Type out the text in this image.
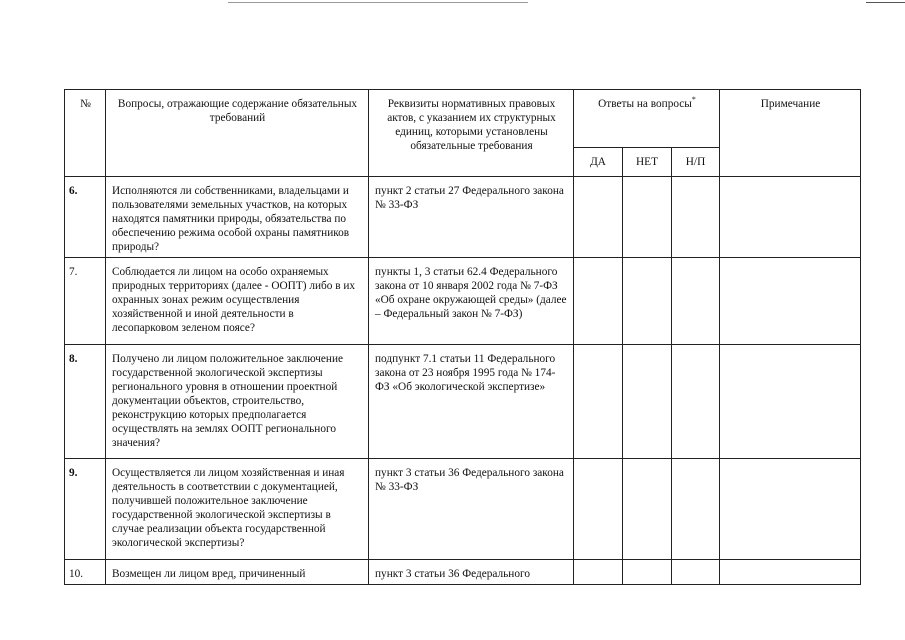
№	Вопросы, отражающие содержание обязательных требований	Реквизиты нормативных правовых актов, с указанием их структурных единиц, которыми установлены обязательные требования	Ответы на вопросы*			Примечание
			ДА	НЕТ	Н/П	
6.	Исполняются ли собственниками, владельцами и пользователями земельных участков, на которых находятся памятники природы, обязательства по обеспечению режима особой охраны памятников природы?	пункт 2 статьи 27 Федерального закона № 33-ФЗ				
7.	Соблюдается ли лицом на особо охраняемых природных территориях (далее - ООПТ) либо в их охранных зонах режим осуществления хозяйственной и иной деятельности в лесопарковом зеленом поясе?	пункты 1, 3 статьи 62.4 Федерального закона от 10 января 2002 года № 7-ФЗ «Об охране окружающей среды» (далее – Федеральный закон № 7-ФЗ)				
8.	Получено ли лицом положительное заключение государственной экологической экспертизы регионального уровня в отношении проектной документации объектов, строительство, реконструкцию которых предполагается осуществлять на землях ООПТ регионального значения?	подпункт 7.1 статьи 11 Федерального закона от 23 ноября 1995 года № 174-ФЗ «Об экологической экспертизе»				
9.	Осуществляется ли лицом хозяйственная и иная деятельность в соответствии с документацией, получившей положительное заключение государственной экологической экспертизы в случае реализации объекта государственной экологической экспертизы?	пункт 3 статьи 36 Федерального закона № 33-ФЗ				
10.	Возмещен ли лицом вред, причиненный	пункт 3 статьи 36 Федерального				
